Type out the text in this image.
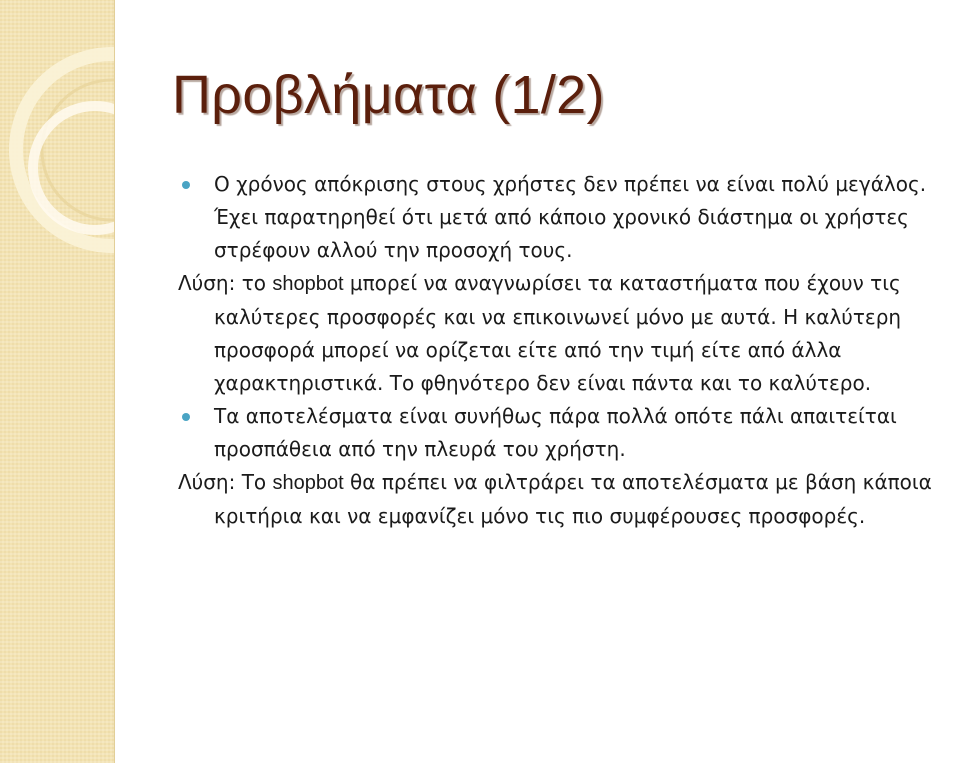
Προβλήματα (1/2)

Ο χρόνος απόκρισης στους χρήστες δεν πρέπει να είναι πολύ μεγάλος. Έχει παρατηρηθεί ότι μετά από κάποιο χρονικό διάστημα οι χρήστες στρέφουν αλλού την προσοχή τους.

Λύση: το shopbot μπορεί να αναγνωρίσει τα καταστήματα που έχουν τις καλύτερες προσφορές και να επικοινωνεί μόνο με αυτά. Η καλύτερη προσφορά μπορεί να ορίζεται είτε από την τιμή είτε από άλλα χαρακτηριστικά. Το φθηνότερο δεν είναι πάντα και το καλύτερο.

Τα αποτελέσματα είναι συνήθως πάρα πολλά οπότε πάλι απαιτείται προσπάθεια από την πλευρά του χρήστη.

Λύση: Το shopbot θα πρέπει να φιλτράρει τα αποτελέσματα με βάση κάποια κριτήρια και να εμφανίζει μόνο τις πιο συμφέρουσες προσφορές.
